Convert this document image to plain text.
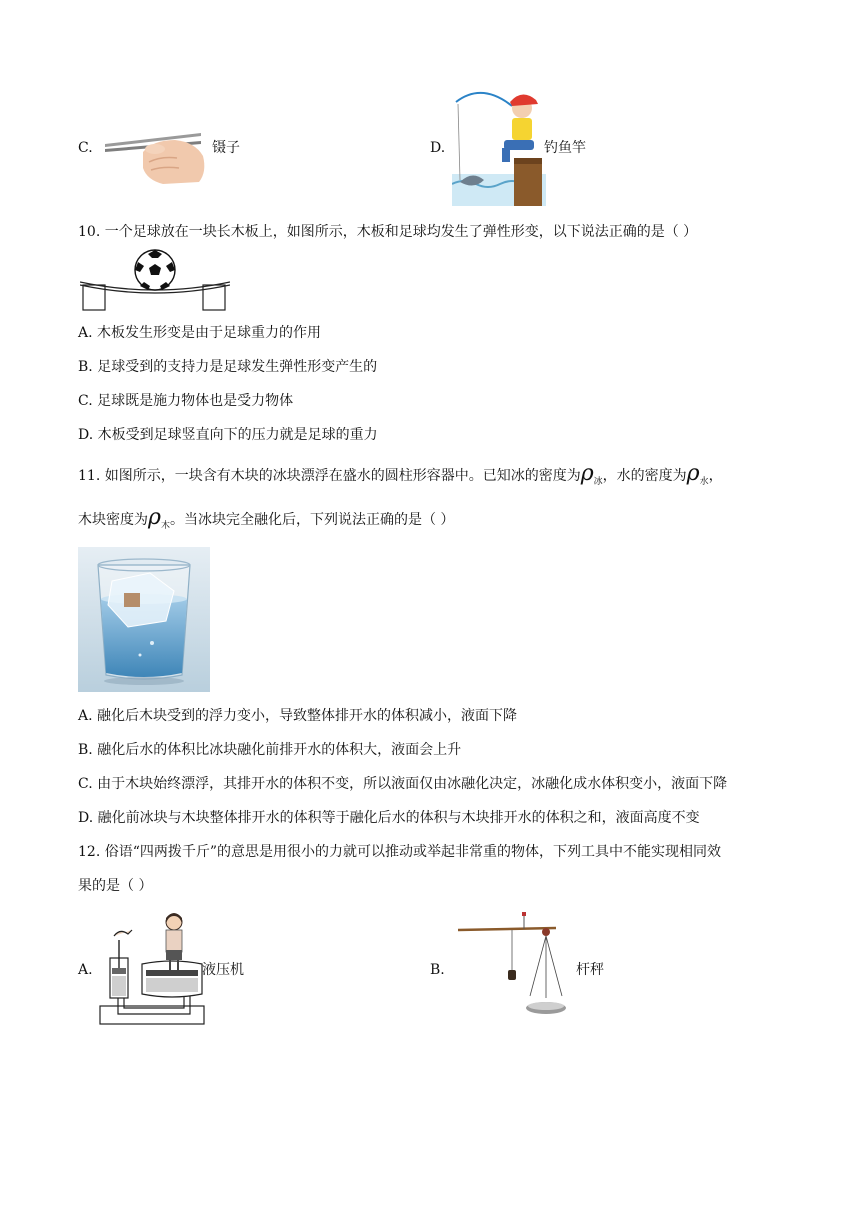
C.	镊子	D.	钓鱼竿
10. 一个足球放在一块长木板上，如图所示，木板和足球均发生了弹性形变，以下说法正确的是（ ）
A. 木板发生形变是由于足球重力的作用
B. 足球受到的支持力是足球发生弹性形变产生的
C. 足球既是施力物体也是受力物体
D. 木板受到足球竖直向下的压力就是足球的重力
11. 如图所示，一块含有木块的冰块漂浮在盛水的圆柱形容器中。已知冰的密度为$\rho_冰$，水的密度为$\rho_水$，
木块密度为$\rho_木$。当冰块完全融化后，下列说法正确的是（ ）
A. 融化后木块受到的浮力变小，导致整体排开水的体积减小，液面下降
B. 融化后水的体积比冰块融化前排开水的体积大，液面会上升
C. 由于木块始终漂浮，其排开水的体积不变，所以液面仅由冰融化决定，冰融化成水体积变小，液面下降
D. 融化前冰块与木块整体排开水的体积等于融化后水的体积与木块排开水的体积之和，液面高度不变
12. 俗语“四两拨千斤”的意思是用很小的力就可以推动或举起非常重的物体，下列工具中不能实现相同效
果的是（ ）
A.	液压机	B.	杆秤
